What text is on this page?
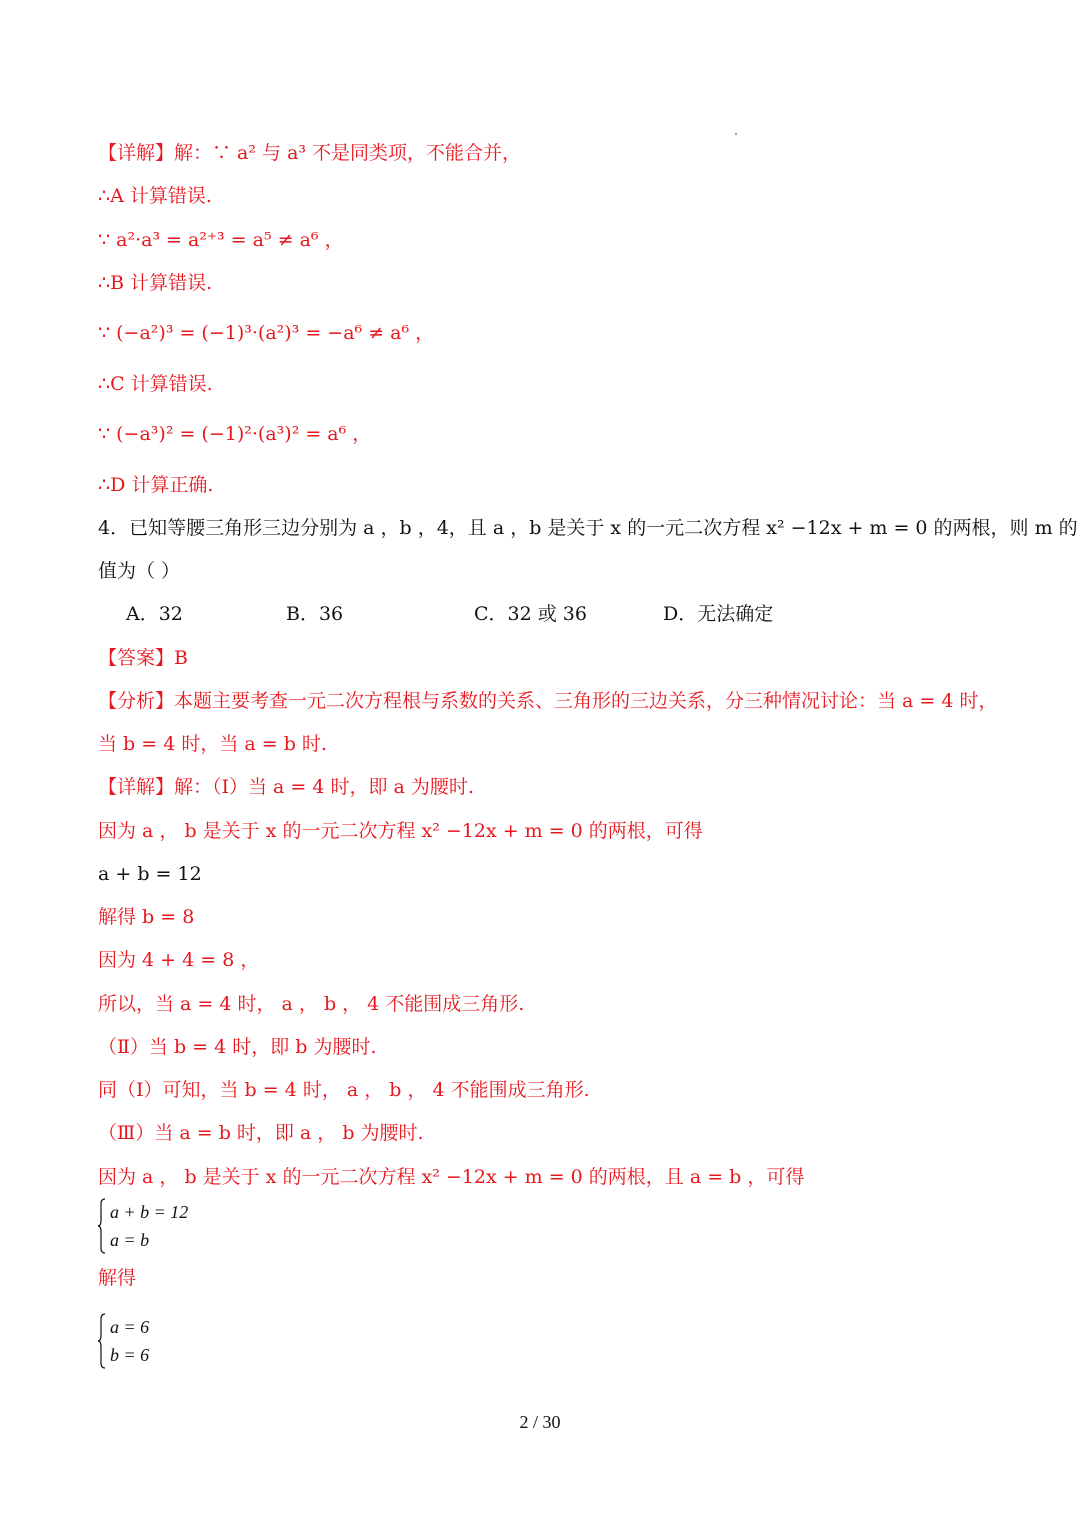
【详解】解：∵ a² 与 a³ 不是同类项，不能合并，
∴A 计算错误.
∵ a²·a³ = a²⁺³ = a⁵ ≠ a⁶ ，
∴B 计算错误.
∵ (−a²)³ = (−1)³·(a²)³ = −a⁶ ≠ a⁶ ，
∴C 计算错误.
∵ (−a³)² = (−1)²·(a³)² = a⁶ ，
∴D 计算正确.
4．已知等腰三角形三边分别为 a ，b ，4，且 a ，b 是关于 x 的一元二次方程 x² −12x + m = 0 的两根，则 m 的
值为（ ）
A．32	B．36	C．32 或 36	D．无法确定
【答案】B
【分析】本题主要考查一元二次方程根与系数的关系、三角形的三边关系，分三种情况讨论：当 a = 4 时，
当 b = 4 时，当 a = b 时.
【详解】解：（Ⅰ）当 a = 4 时，即 a 为腰时.
因为 a ， b 是关于 x 的一元二次方程 x² −12x + m = 0 的两根，可得
a + b = 12
解得 b = 8
因为 4 + 4 = 8 ，
所以，当 a = 4 时， a ， b ， 4 不能围成三角形.
（Ⅱ）当 b = 4 时，即 b 为腰时.
同（Ⅰ）可知，当 b = 4 时， a ， b ， 4 不能围成三角形.
（Ⅲ）当 a = b 时，即 a ， b 为腰时.
因为 a ， b 是关于 x 的一元二次方程 x² −12x + m = 0 的两根，且 a = b ，可得
a + b = 12
a = b
解得
a = 6
b = 6
2 / 30
